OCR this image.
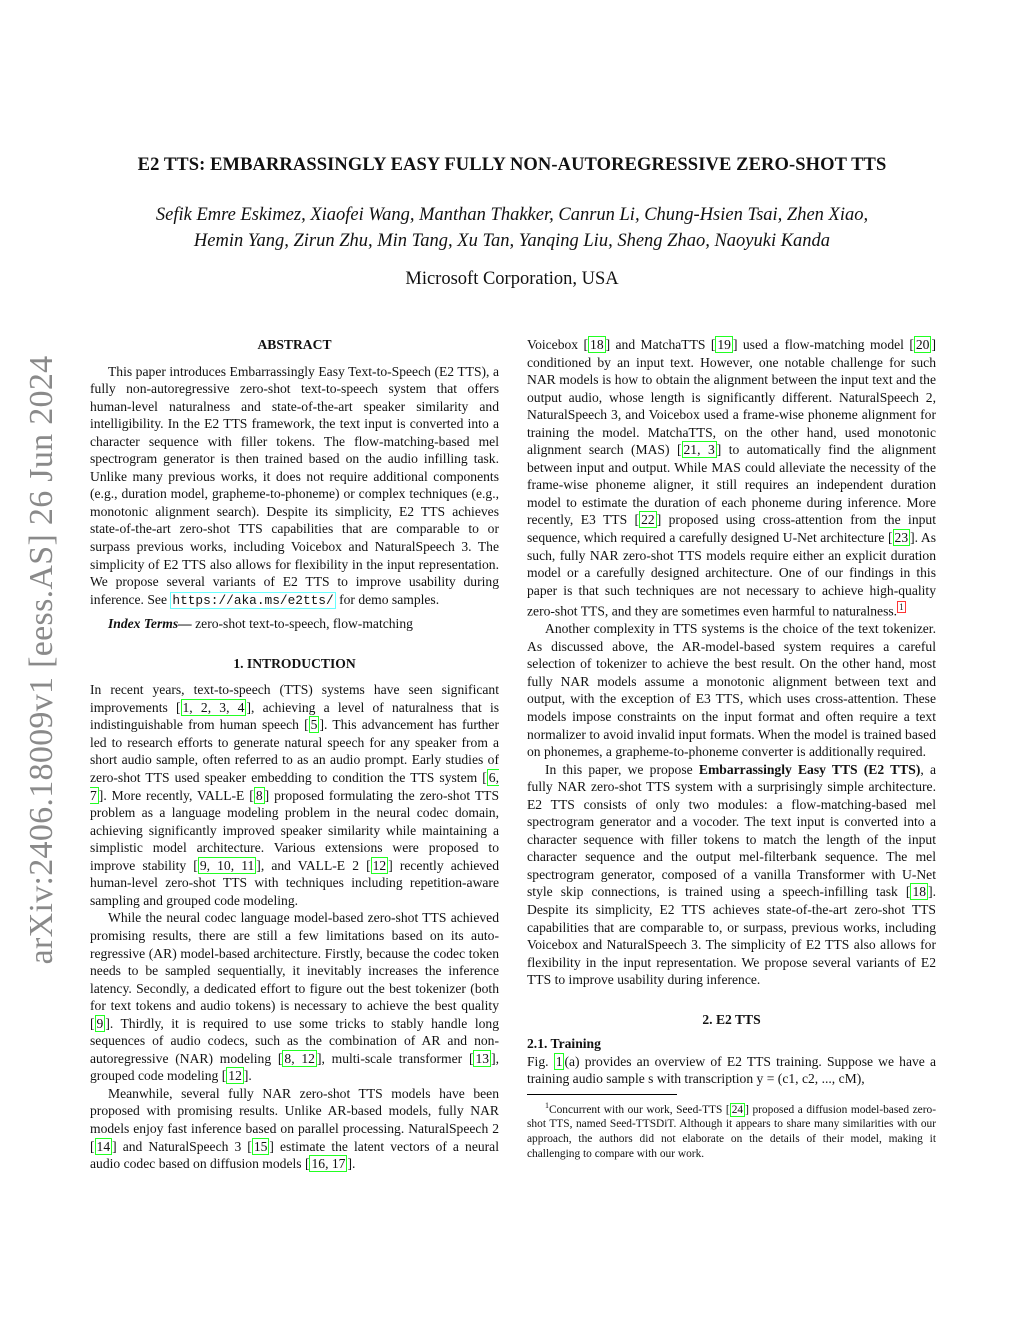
arXiv:2406.18009v1 [eess.AS] 26 Jun 2024
E2 TTS: EMBARRASSINGLY EASY FULLY NON-AUTOREGRESSIVE ZERO-SHOT TTS
Sefik Emre Eskimez, Xiaofei Wang, Manthan Thakker, Canrun Li, Chung-Hsien Tsai, Zhen Xiao,
Hemin Yang, Zirun Zhu, Min Tang, Xu Tan, Yanqing Liu, Sheng Zhao, Naoyuki Kanda
Microsoft Corporation, USA

ABSTRACT

This paper introduces Embarrassingly Easy Text-to-Speech (E2 TTS), a fully non-autoregressive zero-shot text-to-speech system that offers human-level naturalness and state-of-the-art speaker similarity and intelligibility. In the E2 TTS framework, the text input is converted into a character sequence with filler tokens. The flow-matching-based mel spectrogram generator is then trained based on the audio infilling task. Unlike many previous works, it does not require additional components (e.g., duration model, grapheme-to-phoneme) or complex techniques (e.g., monotonic alignment search). Despite its simplicity, E2 TTS achieves state-of-the-art zero-shot TTS capabilities that are comparable to or surpass previous works, including Voicebox and NaturalSpeech 3. The simplicity of E2 TTS also allows for flexibility in the input representation. We propose several variants of E2 TTS to improve usability during inference. See https://aka.ms/e2tts/ for demo samples.

Index Terms— zero-shot text-to-speech, flow-matching

1. INTRODUCTION

In recent years, text-to-speech (TTS) systems have seen significant improvements [ 1, 2, 3, 4 ], achieving a level of naturalness that is indistinguishable from human speech [ 5 ]. This advancement has further led to research efforts to generate natural speech for any speaker from a short audio sample, often referred to as an audio prompt. Early studies of zero-shot TTS used speaker embedding to condition the TTS system [ 6, 7 ]. More recently, VALL-E [ 8 ] proposed formulating the zero-shot TTS problem as a language modeling problem in the neural codec domain, achieving significantly improved speaker similarity while maintaining a simplistic model architecture. Various extensions were proposed to improve stability [ 9, 10, 11 ], and VALL-E 2 [ 12 ] recently achieved human-level zero-shot TTS with techniques including repetition-aware sampling and grouped code modeling.

While the neural codec language model-based zero-shot TTS achieved promising results, there are still a few limitations based on its auto-regressive (AR) model-based architecture. Firstly, because the codec token needs to be sampled sequentially, it inevitably increases the inference latency. Secondly, a dedicated effort to figure out the best tokenizer (both for text tokens and audio tokens) is necessary to achieve the best quality [ 9 ]. Thirdly, it is required to use some tricks to stably handle long sequences of audio codecs, such as the combination of AR and non-autoregressive (NAR) modeling [ 8, 12 ], multi-scale transformer [ 13 ], grouped code modeling [ 12 ].

Meanwhile, several fully NAR zero-shot TTS models have been proposed with promising results. Unlike AR-based models, fully NAR models enjoy fast inference based on parallel processing. NaturalSpeech 2 [ 14 ] and NaturalSpeech 3 [ 15 ] estimate the latent vectors of a neural audio codec based on diffusion models [ 16, 17 ].

Voicebox [ 18 ] and MatchaTTS [ 19 ] used a flow-matching model [ 20 ] conditioned by an input text. However, one notable challenge for such NAR models is how to obtain the alignment between the input text and the output audio, whose length is significantly different. NaturalSpeech 2, NaturalSpeech 3, and Voicebox used a frame-wise phoneme alignment for training the model. MatchaTTS, on the other hand, used monotonic alignment search (MAS) [ 21, 3 ] to automatically find the alignment between input and output. While MAS could alleviate the necessity of the frame-wise phoneme aligner, it still requires an independent duration model to estimate the duration of each phoneme during inference. More recently, E3 TTS [ 22 ] proposed using cross-attention from the input sequence, which required a carefully designed U-Net architecture [ 23 ]. As such, fully NAR zero-shot TTS models require either an explicit duration model or a carefully designed architecture. One of our findings in this paper is that such techniques are not necessary to achieve high-quality zero-shot TTS, and they are sometimes even harmful to naturalness. $^1$

Another complexity in TTS systems is the choice of the text tokenizer. As discussed above, the AR-model-based system requires a careful selection of tokenizer to achieve the best result. On the other hand, most fully NAR models assume a monotonic alignment between text and output, with the exception of E3 TTS, which uses cross-attention. These models impose constraints on the input format and often require a text normalizer to avoid invalid input formats. When the model is trained based on phonemes, a grapheme-to-phoneme converter is additionally required.

In this paper, we propose Embarrassingly Easy TTS (E2 TTS), a fully NAR zero-shot TTS system with a surprisingly simple architecture. E2 TTS consists of only two modules: a flow-matching-based mel spectrogram generator and a vocoder. The text input is converted into a character sequence with filler tokens to match the length of the input character sequence and the output mel-filterbank sequence. The mel spectrogram generator, composed of a vanilla Transformer with U-Net style skip connections, is trained using a speech-infilling task [ 18 ]. Despite its simplicity, E2 TTS achieves state-of-the-art zero-shot TTS capabilities that are comparable to, or surpass, previous works, including Voicebox and NaturalSpeech 3. The simplicity of E2 TTS also allows for flexibility in the input representation. We propose several variants of E2 TTS to improve usability during inference.

2. E2 TTS

2.1. Training

Fig. 1 (a) provides an overview of E2 TTS training. Suppose we have a training audio sample s with transcription y = (c1, c2, ..., cM),

$^1$Concurrent with our work, Seed-TTS [ 24 ] proposed a diffusion model-based zero-shot TTS, named Seed-TTSDiT. Although it appears to share many similarities with our approach, the authors did not elaborate on the details of their model, making it challenging to compare with our work.
